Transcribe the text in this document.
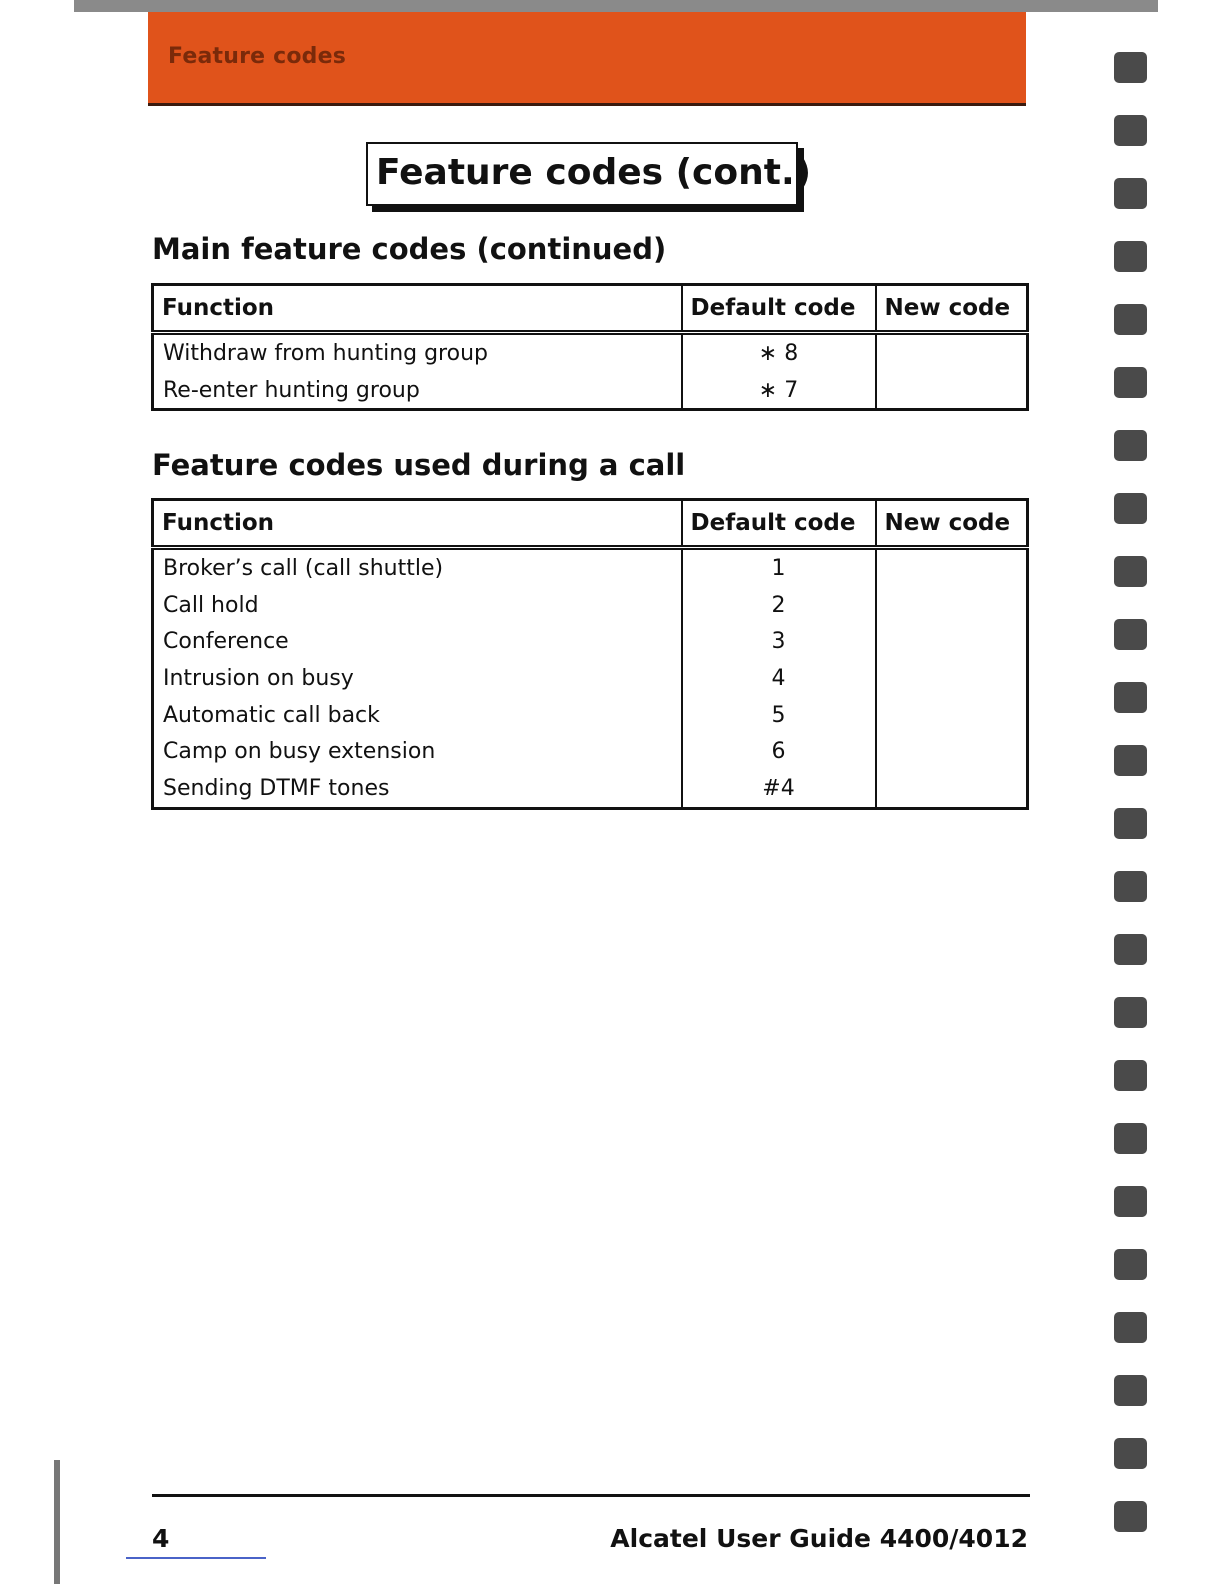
Feature codes
Feature codes (cont.)
Main feature codes (continued)
Function	Default code	New code
Withdraw from hunting group	∗ 8	
Re-enter hunting group	∗ 7	
Feature codes used during a call
Function	Default code	New code
Broker’s call (call shuttle)	1	
Call hold	2	
Conference	3	
Intrusion on busy	4	
Automatic call back	5	
Camp on busy extension	6	
Sending DTMF tones	#4	
4	Alcatel User Guide 4400/4012
